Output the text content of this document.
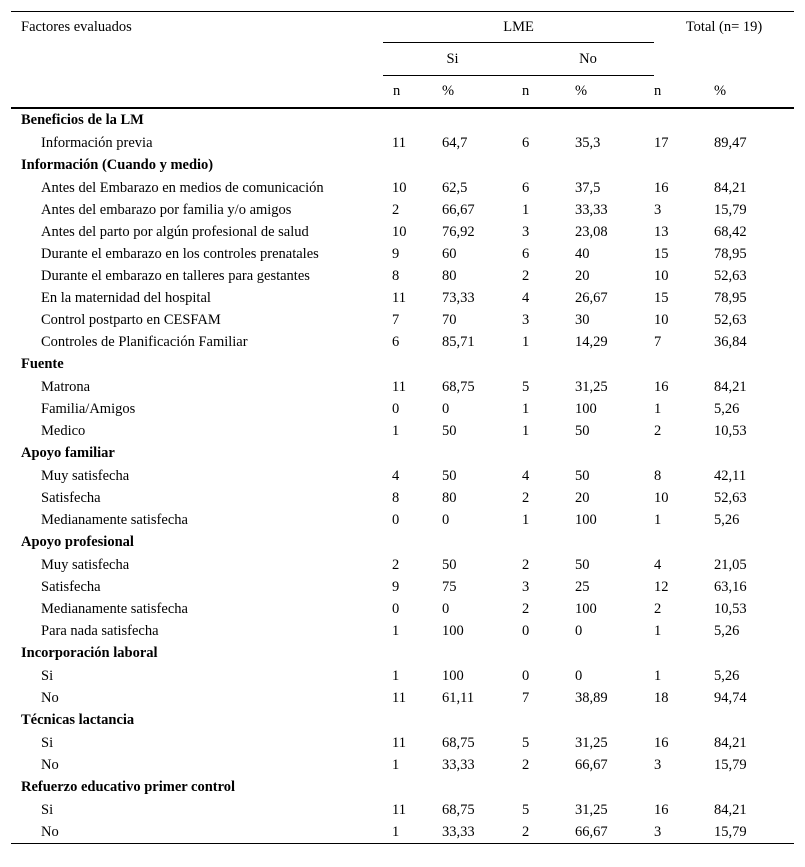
Factores evaluados	LME				Total (n= 19)	
	Si		No			
	n	%	n	%	n	%
Beneficios de la LM						
Información previa	11	64,7	6	35,3	17	89,47
Información (Cuando y medio)						
Antes del Embarazo en medios de comunicación	10	62,5	6	37,5	16	84,21
Antes del embarazo por familia y/o amigos	2	66,67	1	33,33	3	15,79
Antes del parto por algún profesional de salud	10	76,92	3	23,08	13	68,42
Durante el embarazo en los controles prenatales	9	60	6	40	15	78,95
Durante el embarazo en talleres para gestantes	8	80	2	20	10	52,63
En la maternidad del hospital	11	73,33	4	26,67	15	78,95
Control postparto en CESFAM	7	70	3	30	10	52,63
Controles de Planificación Familiar	6	85,71	1	14,29	7	36,84
Fuente						
Matrona	11	68,75	5	31,25	16	84,21
Familia/Amigos	0	0	1	100	1	5,26
Medico	1	50	1	50	2	10,53
Apoyo familiar						
Muy satisfecha	4	50	4	50	8	42,11
Satisfecha	8	80	2	20	10	52,63
Medianamente satisfecha	0	0	1	100	1	5,26
Apoyo profesional						
Muy satisfecha	2	50	2	50	4	21,05
Satisfecha	9	75	3	25	12	63,16
Medianamente satisfecha	0	0	2	100	2	10,53
Para nada satisfecha	1	100	0	0	1	5,26
Incorporación laboral						
Si	1	100	0	0	1	5,26
No	11	61,11	7	38,89	18	94,74
Técnicas lactancia						
Si	11	68,75	5	31,25	16	84,21
No	1	33,33	2	66,67	3	15,79
Refuerzo educativo primer control						
Si	11	68,75	5	31,25	16	84,21
No	1	33,33	2	66,67	3	15,79
